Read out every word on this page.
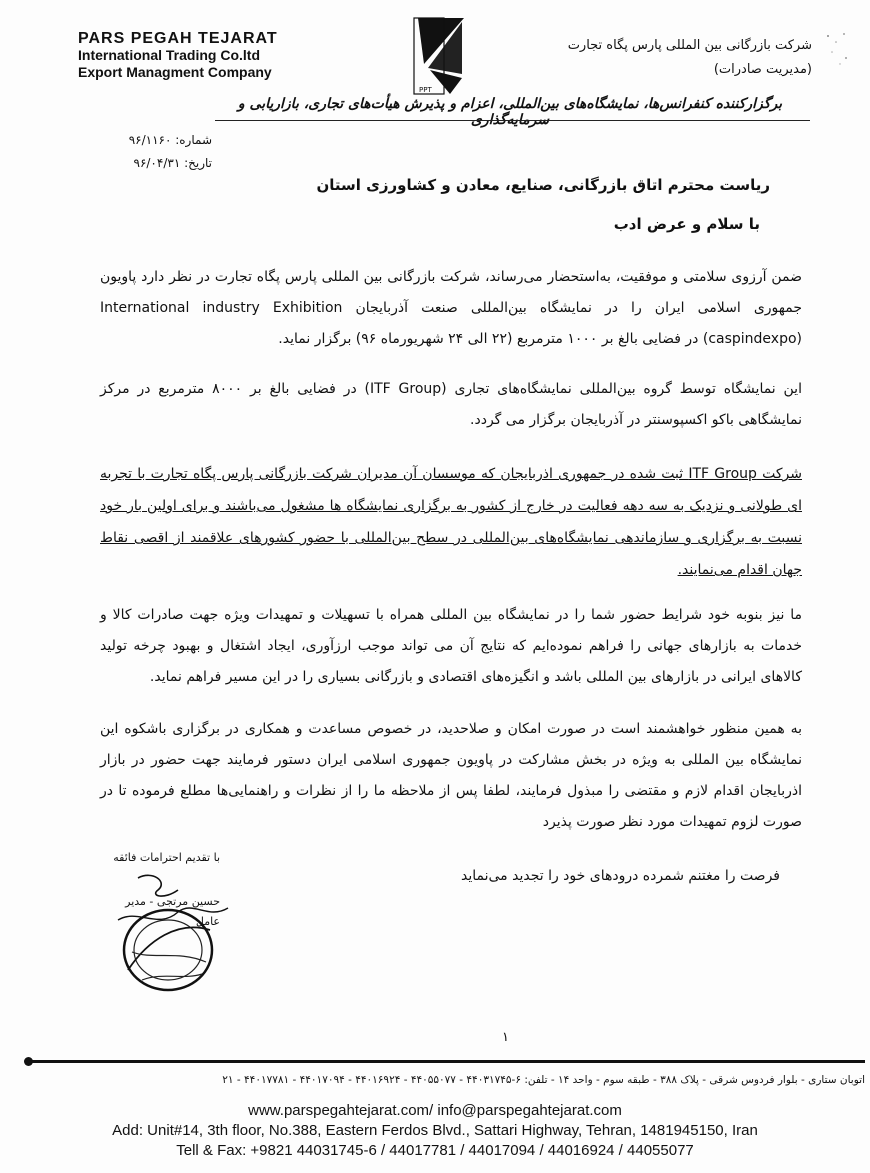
PARS PEGAH TEJARAT
International Trading Co.ltd
Export Managment Company
PPT
شرکت بازرگانی بین المللی پارس پگاه تجارت
(مدیریت صادرات)
برگزارکننده کنفرانس‌ها، نمایشگاه‌های بین‌المللی، اعزام و پذیرش هیأت‌های تجاری، بازاریابی و سرمایه‌گذاری
شماره: ۹۶/۱۱۶۰
تاریخ: ۹۶/۰۴/۳۱
ریاست محترم اتاق بازرگانی، صنایع، معادن و کشاورزی استان
با سلام و عرض ادب
ضمن آرزوی سلامتی و موفقیت، به‌استحضار می‌رساند، شرکت بازرگانی بین المللی پارس پگاه تجارت در نظر دارد پاویون جمهوری اسلامی ایران را در نمایشگاه بین‌المللی صنعت آذربایجان International industry Exhibition (caspindexpo) در فضایی بالغ بر ۱۰۰۰ مترمربع (۲۲ الی ۲۴ شهریورماه ۹۶) برگزار نماید.
این نمایشگاه توسط گروه بین‌المللی نمایشگاه‌های تجاری (ITF Group) در فضایی بالغ بر ۸۰۰۰ مترمربع در مرکز نمایشگاهی باکو اکسپوسنتر در آذربایجان برگزار می گردد.
شرکت ITF Group ثبت شده در جمهوری اذربایجان که موسسان آن مدیران شرکت بازرگانی پارس پگاه تجارت با تجربه ای طولانی و نزدیک به سه دهه فعالیت در خارج از کشور به برگزاری نمایشگاه ها مشغول می‌باشند و برای اولین بار خود نسبت به برگزاری و سازماندهی نمایشگاه‌های بین‌المللی در سطح بین‌المللی با حضور کشورهای علاقمند از اقصی نقاط جهان اقدام می‌نمایند.
ما نیز بنوبه خود شرایط حضور شما را در نمایشگاه بین المللی همراه با تسهیلات و تمهیدات ویژه جهت صادرات کالا و خدمات به بازارهای جهانی را فراهم نموده‌ایم که نتایج آن می تواند موجب ارزآوری، ایجاد اشتغال و بهبود چرخه تولید کالاهای ایرانی در بازارهای بین المللی باشد و انگیزه‌های اقتصادی و بازرگانی بسیاری را در این مسیر فراهم نماید.
به همین منظور خواهشمند است در صورت امکان و صلاحدید، در خصوص مساعدت و همکاری در برگزاری باشکوه این نمایشگاه بین المللی به ویژه در بخش مشارکت در پاویون جمهوری اسلامی ایران دستور فرمایند جهت حضور در بازار اذربایجان اقدام لازم و مقتضی را مبذول فرمایند، لطفا پس از ملاحظه ما را از نظرات و راهنمایی‌ها مطلع فرموده تا در صورت لزوم تمهیدات مورد نظر صورت پذیرد
فرصت را مغتنم شمرده درودهای خود را تجدید می‌نماید
با تقدیم احترامات فائقه
حسین مرتجی - مدیر عامل
۱
اتوبان ستاری - بلوار فردوس شرقی - پلاک ۳۸۸ - طبقه سوم - واحد ۱۴ - تلفن: ۶-۴۴۰۳۱۷۴۵ - ۴۴۰۵۵۰۷۷ - ۴۴۰۱۶۹۲۴ - ۴۴۰۱۷۰۹۴ - ۴۴۰۱۷۷۸۱ - ۲۱
www.parspegahtejarat.com/ info@parspegahtejarat.com
Add: Unit#14, 3th floor, No.388, Eastern Ferdos Blvd., Sattari Highway, Tehran, 1481945150, Iran
Tell & Fax: +9821 44031745-6 / 44017781 / 44017094 / 44016924 / 44055077
